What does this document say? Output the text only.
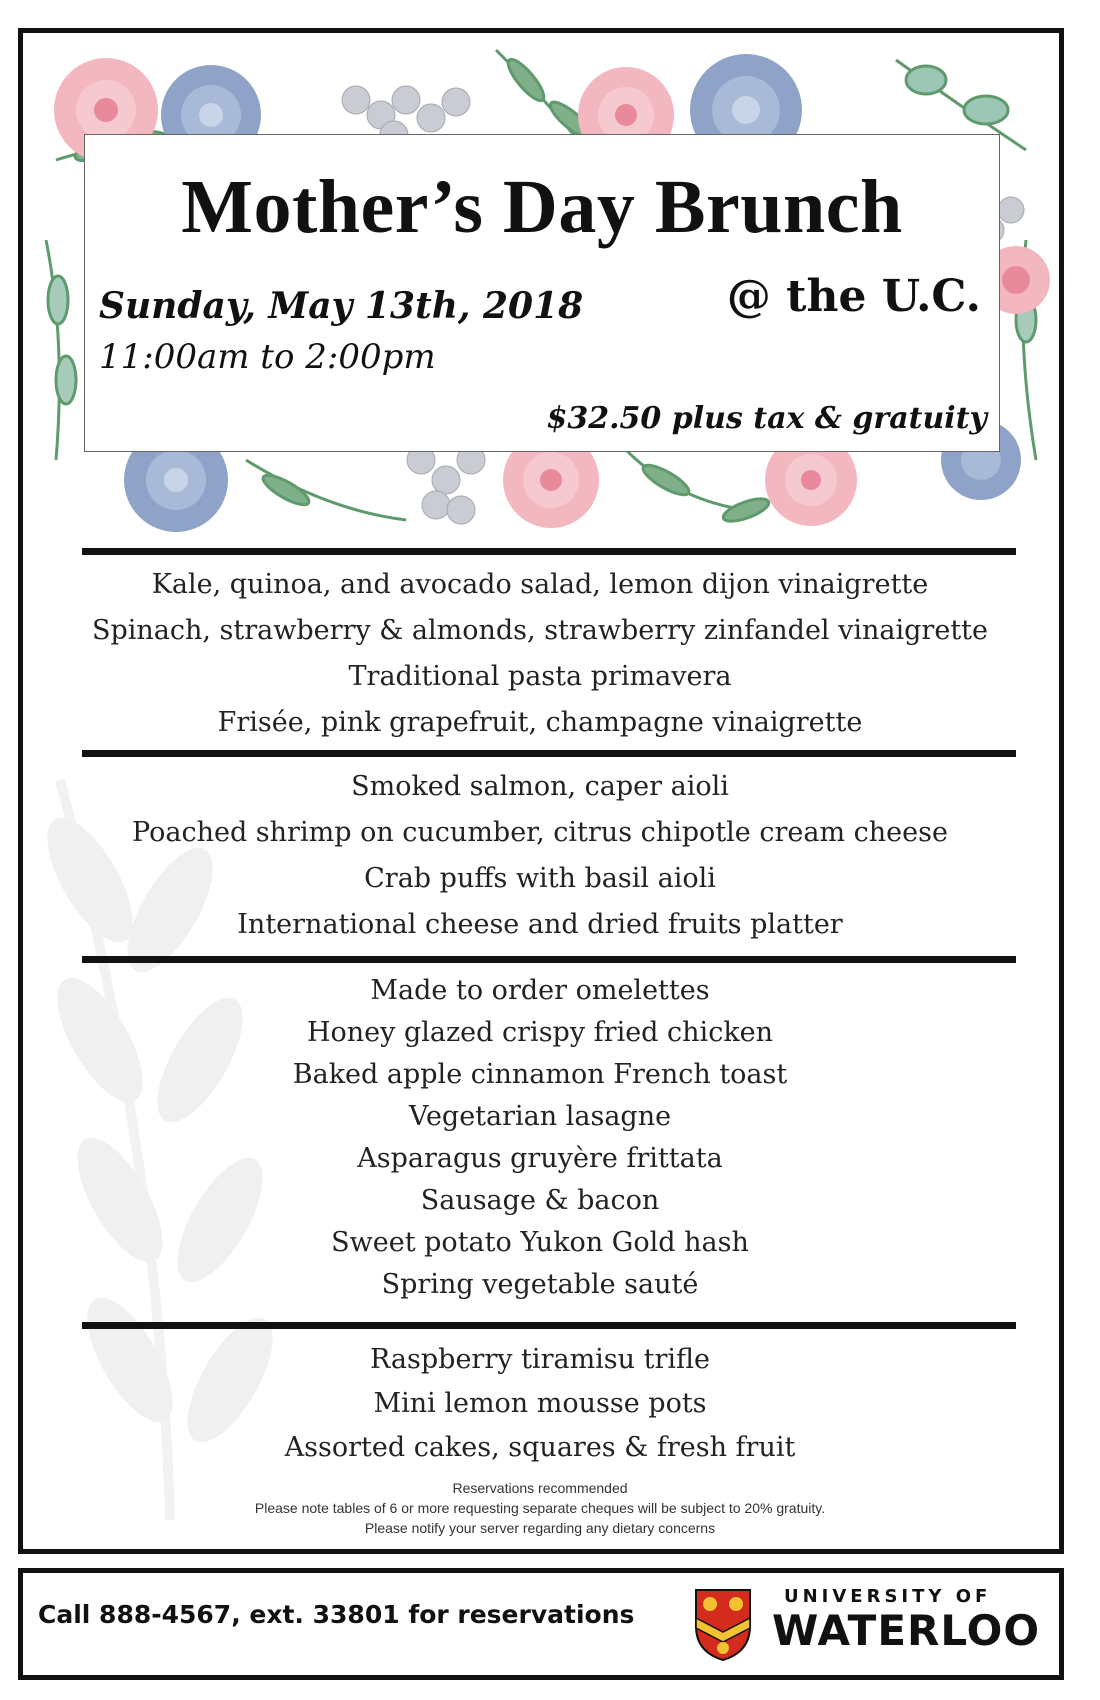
Mother’s Day Brunch
Sunday, May 13th, 2018	@ the U.C.
11:00am to 2:00pm
$32.50 plus tax & gratuity
Kale, quinoa, and avocado salad, lemon dijon vinaigrette
Spinach, strawberry & almonds, strawberry zinfandel vinaigrette
Traditional pasta primavera
Frisée, pink grapefruit, champagne vinaigrette
Smoked salmon, caper aioli
Poached shrimp on cucumber, citrus chipotle cream cheese
Crab puffs with basil aioli
International cheese and dried fruits platter
Made to order omelettes
Honey glazed crispy fried chicken
Baked apple cinnamon French toast
Vegetarian lasagne
Asparagus gruyère frittata
Sausage & bacon
Sweet potato Yukon Gold hash
Spring vegetable sauté
Raspberry tiramisu trifle
Mini lemon mousse pots
Assorted cakes, squares & fresh fruit
Reservations recommended
Please note tables of 6 or more requesting separate cheques will be subject to 20% gratuity.
Please notify your server regarding any dietary concerns
Call 888-4567, ext. 33801 for reservations
UNIVERSITY OF
WATERLOO
